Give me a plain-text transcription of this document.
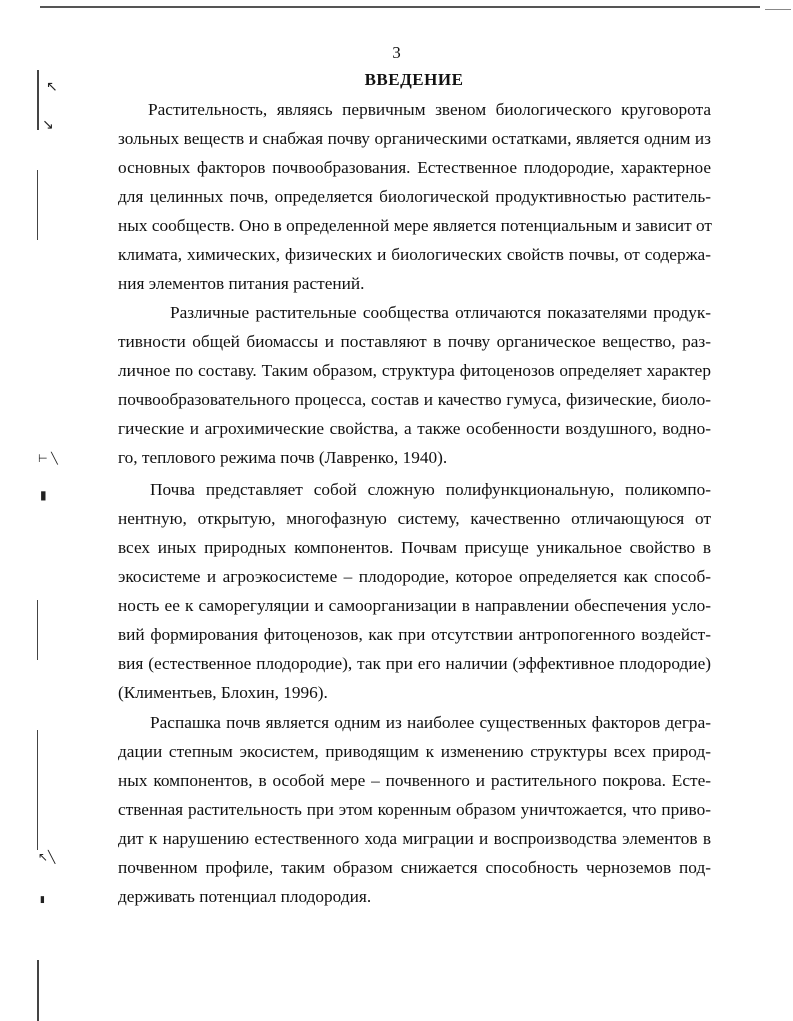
↖
↘
⊢ ╲
▮
↖╲
▮
3
ВВЕДЕНИЕ
Растительность, являясь первичным звеном биологического круговорота
зольных веществ и снабжая почву органическими остатками, является одним из
основных факторов почвообразования. Естественное плодородие, характерное
для целинных почв, определяется биологической продуктивностью раститель-
ных сообществ. Оно в определенной мере является потенциальным и зависит от
климата, химических, физических и биологических свойств почвы, от содержа-
ния элементов питания растений.
Различные растительные сообщества отличаются показателями продук-
тивности общей биомассы и поставляют в почву органическое вещество, раз-
личное по составу. Таким образом, структура фитоценозов определяет характер
почвообразовательного процесса, состав и качество гумуса, физические, биоло-
гические и агрохимические свойства, а также особенности воздушного, водно-
го, теплового режима почв (Лавренко, 1940).
Почва представляет собой сложную полифункциональную, поликомпо-
нентную, открытую, многофазную систему, качественно отличающуюся от
всех иных природных компонентов. Почвам присуще уникальное свойство в
экосистеме и агроэкосистеме – плодородие, которое определяется как способ-
ность ее к саморегуляции и самоорганизации в направлении обеспечения усло-
вий формирования фитоценозов, как при отсутствии антропогенного воздейст-
вия (естественное плодородие), так при его наличии (эффективное плодородие)
(Климентьев, Блохин, 1996).
Распашка почв является одним из наиболее существенных факторов дегра-
дации степным экосистем, приводящим к изменению структуры всех природ-
ных компонентов, в особой мере – почвенного и растительного покрова. Есте-
ственная растительность при этом коренным образом уничтожается, что приво-
дит к нарушению естественного хода миграции и воспроизводства элементов в
почвенном профиле, таким образом снижается способность черноземов под-
держивать потенциал плодородия.
